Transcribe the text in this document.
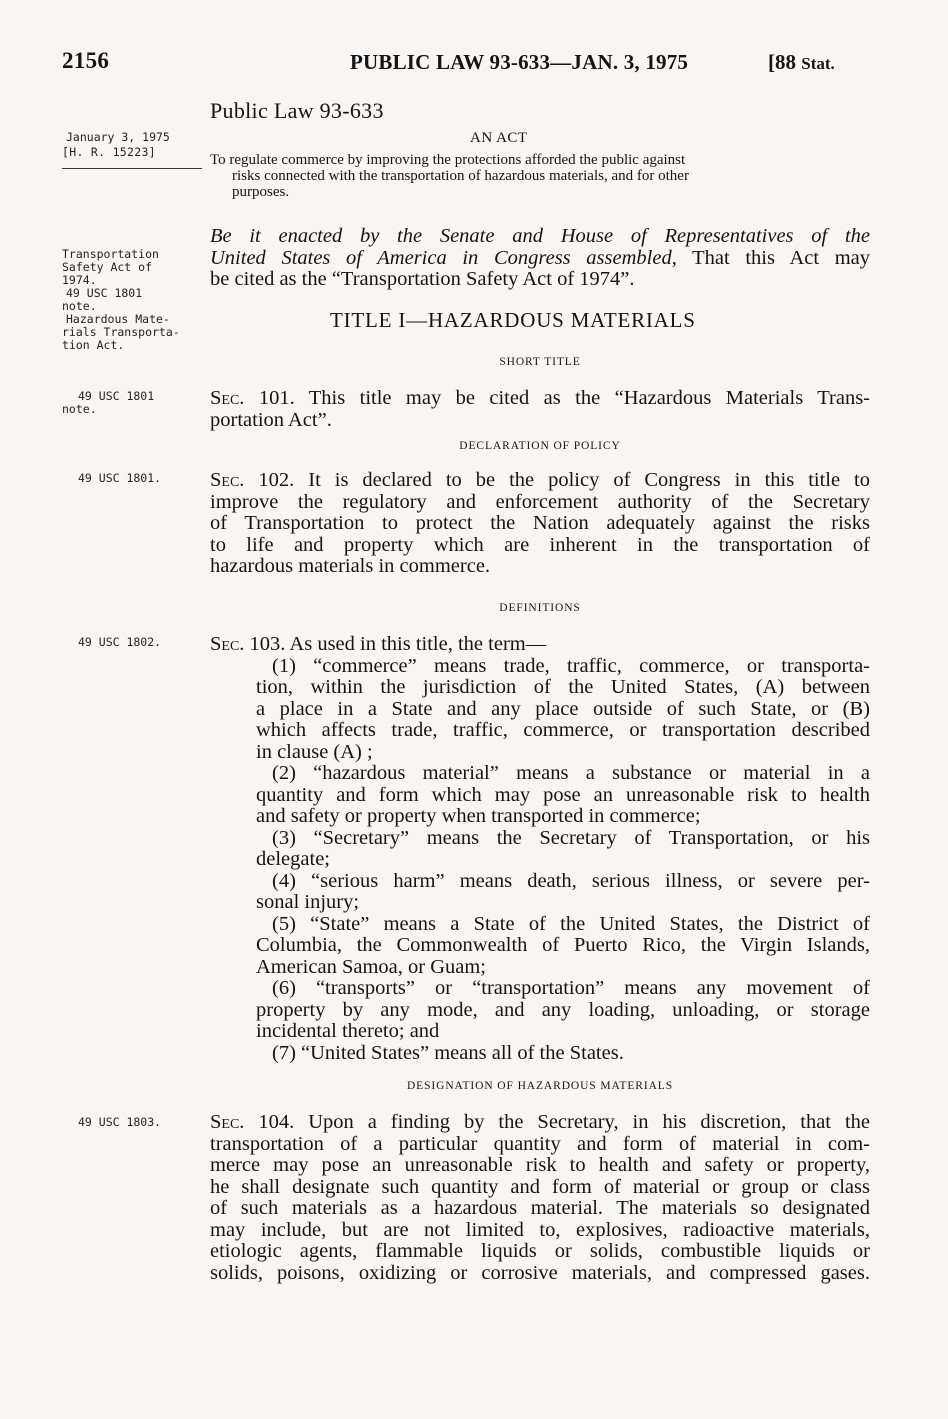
2156	PUBLIC LAW 93-633—JAN. 3, 1975	[88 Stat.
January 3, 1975
[H. R. 15223]
Transportation
Safety Act of
1974.
49 USC 1801
note.
Hazardous Mate-
rials Transporta-
tion Act.
49 USC 1801
note.
49 USC 1801.
49 USC 1802.
49 USC 1803.
Public Law 93-633
AN ACT
To regulate commerce by improving the protections afforded the public against
risks connected with the transportation of hazardous materials, and for other
purposes.
Be it enacted by the Senate and House of Representatives of the
United States of America in Congress assembled, That this Act may
be cited as the “Transportation Safety Act of 1974”.
TITLE I—HAZARDOUS MATERIALS
SHORT TITLE
Sec. 101. This title may be cited as the “Hazardous Materials Trans-
portation Act”.
DECLARATION OF POLICY
Sec. 102. It is declared to be the policy of Congress in this title to
improve the regulatory and enforcement authority of the Secretary
of Transportation to protect the Nation adequately against the risks
to life and property which are inherent in the transportation of
hazardous materials in commerce.
DEFINITIONS
Sec. 103. As used in this title, the term—
(1) “commerce” means trade, traffic, commerce, or transporta-
tion, within the jurisdiction of the United States, (A) between
a place in a State and any place outside of such State, or (B)
which affects trade, traffic, commerce, or transportation described
in clause (A) ;
(2) “hazardous material” means a substance or material in a
quantity and form which may pose an unreasonable risk to health
and safety or property when transported in commerce;
(3) “Secretary” means the Secretary of Transportation, or his
delegate;
(4) “serious harm” means death, serious illness, or severe per-
sonal injury;
(5) “State” means a State of the United States, the District of
Columbia, the Commonwealth of Puerto Rico, the Virgin Islands,
American Samoa, or Guam;
(6) “transports” or “transportation” means any movement of
property by any mode, and any loading, unloading, or storage
incidental thereto; and
(7) “United States” means all of the States.
DESIGNATION OF HAZARDOUS MATERIALS
Sec. 104. Upon a finding by the Secretary, in his discretion, that the
transportation of a particular quantity and form of material in com-
merce may pose an unreasonable risk to health and safety or property,
he shall designate such quantity and form of material or group or class
of such materials as a hazardous material. The materials so designated
may include, but are not limited to, explosives, radioactive materials,
etiologic agents, flammable liquids or solids, combustible liquids or
solids, poisons, oxidizing or corrosive materials, and compressed gases.
